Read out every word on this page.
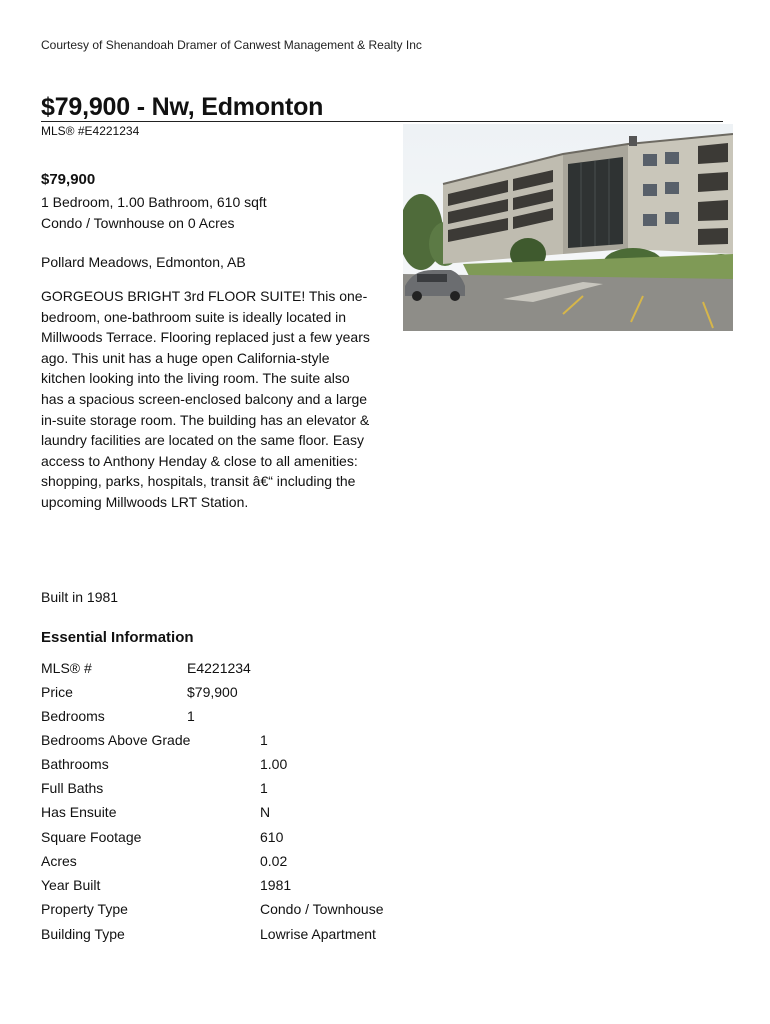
Courtesy of Shenandoah Dramer of Canwest Management & Realty Inc
$79,900 - Nw, Edmonton
MLS® #E4221234
$79,900
1 Bedroom, 1.00 Bathroom, 610 sqft
Condo / Townhouse on 0 Acres
Pollard Meadows, Edmonton, AB

GORGEOUS BRIGHT 3rd FLOOR SUITE! This one-bedroom, one-bathroom suite is ideally located in Millwoods Terrace. Flooring replaced just a few years ago. This unit has a huge open California-style kitchen looking into the living room. The suite also has a spacious screen-enclosed balcony and a large in-suite storage room. The building has an elevator & laundry facilities are located on the same floor. Easy access to Anthony Henday & close to all amenities: shopping, parks, hospitals, transit â€“ including the upcoming Millwoods LRT Station.

Built in 1981
Essential Information
MLS® #	E4221234
Price	$79,900
Bedrooms	1
Bedrooms Above Grade	1
Bathrooms	1.00
Full Baths	1
Has Ensuite	N
Square Footage	610
Acres	0.02
Year Built	1981
Property Type	Condo / Townhouse
Building Type	Lowrise Apartment
